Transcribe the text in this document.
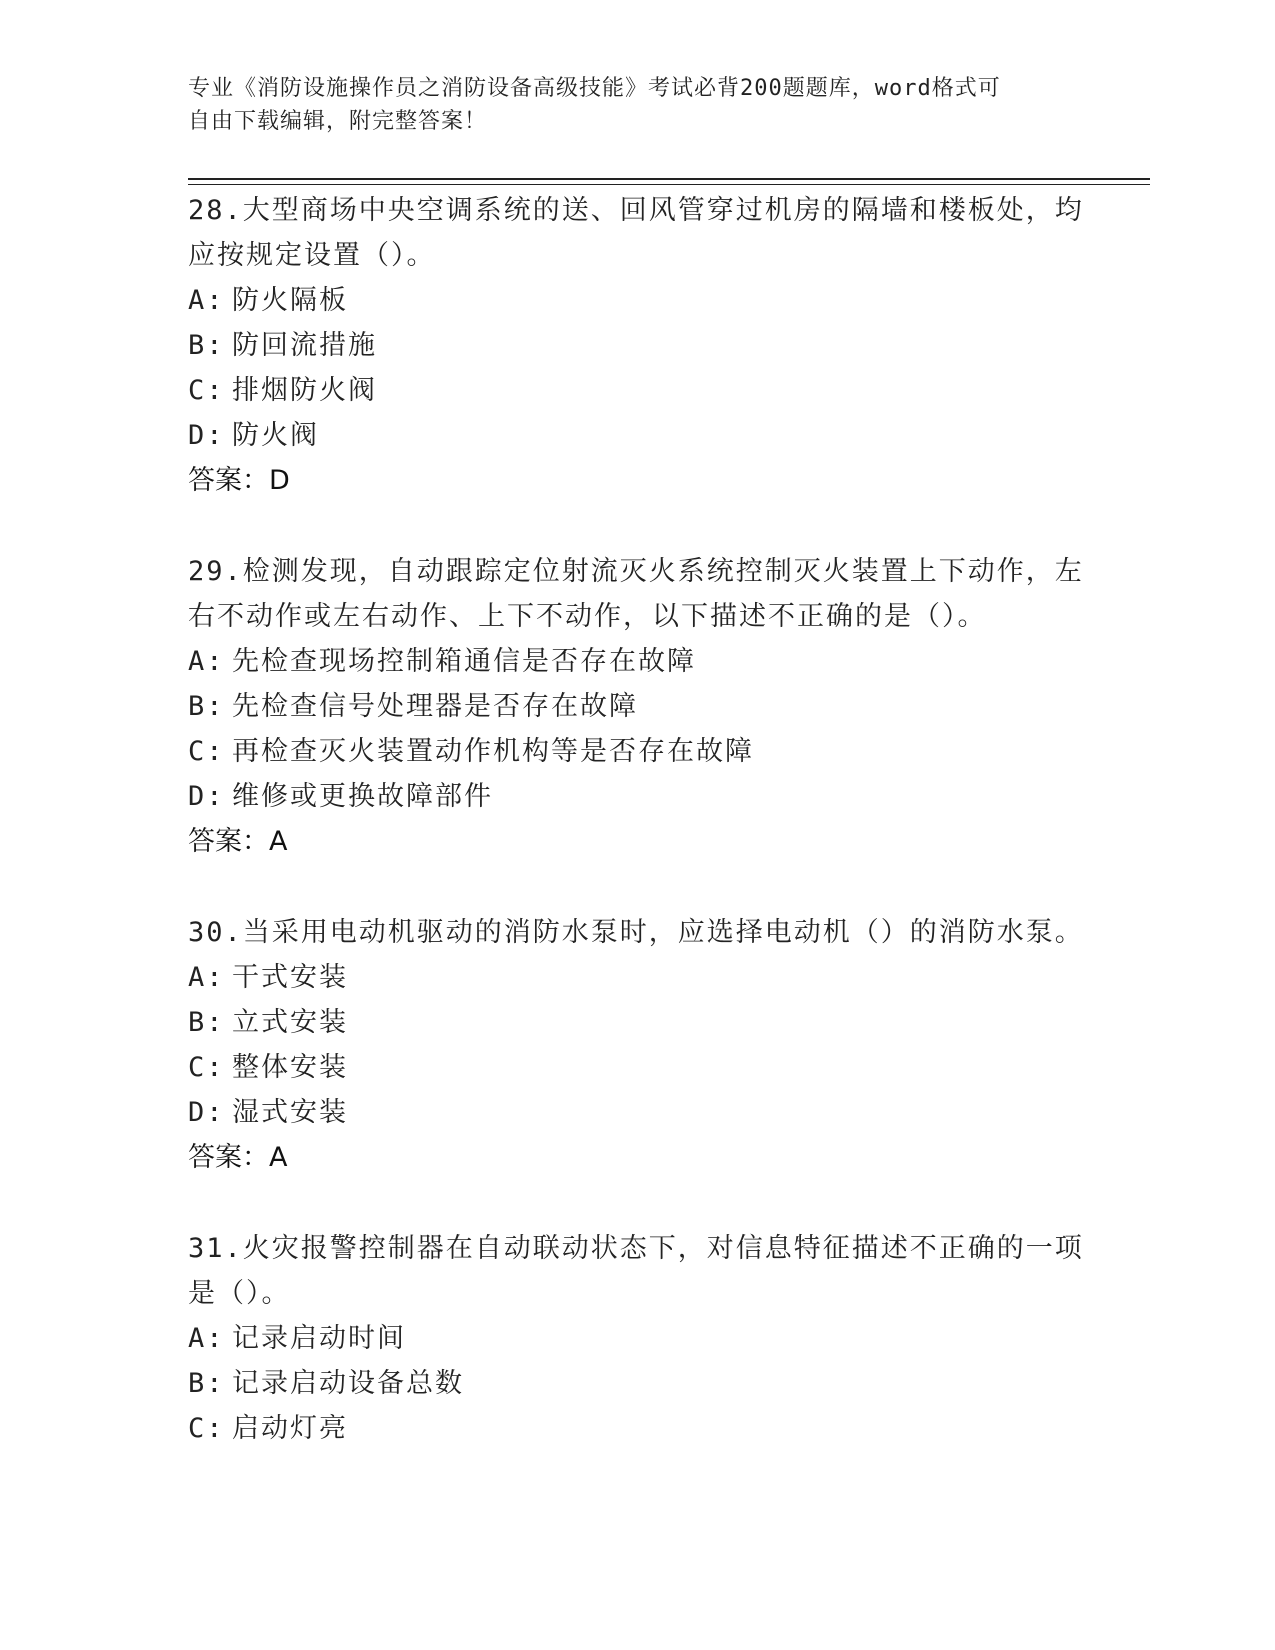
专业《消防设施操作员之消防设备高级技能》考试必背200题题库，word格式可
自由下载编辑，附完整答案！

28.大型商场中央空调系统的送、回风管穿过机房的隔墙和楼板处，均应按规定设置（）。

A: 防火隔板

B: 防回流措施

C: 排烟防火阀

D: 防火阀

答案：D

29.检测发现，自动跟踪定位射流灭火系统控制灭火装置上下动作，左右不动作或左右动作、上下不动作，以下描述不正确的是（）。

A: 先检查现场控制箱通信是否存在故障

B: 先检查信号处理器是否存在故障

C: 再检查灭火装置动作机构等是否存在故障

D: 维修或更换故障部件

答案：A

30.当采用电动机驱动的消防水泵时，应选择电动机（）的消防水泵。

A: 干式安装

B: 立式安装

C: 整体安装

D: 湿式安装

答案：A

31.火灾报警控制器在自动联动状态下，对信息特征描述不正确的一项是（）。

A: 记录启动时间

B: 记录启动设备总数

C: 启动灯亮
